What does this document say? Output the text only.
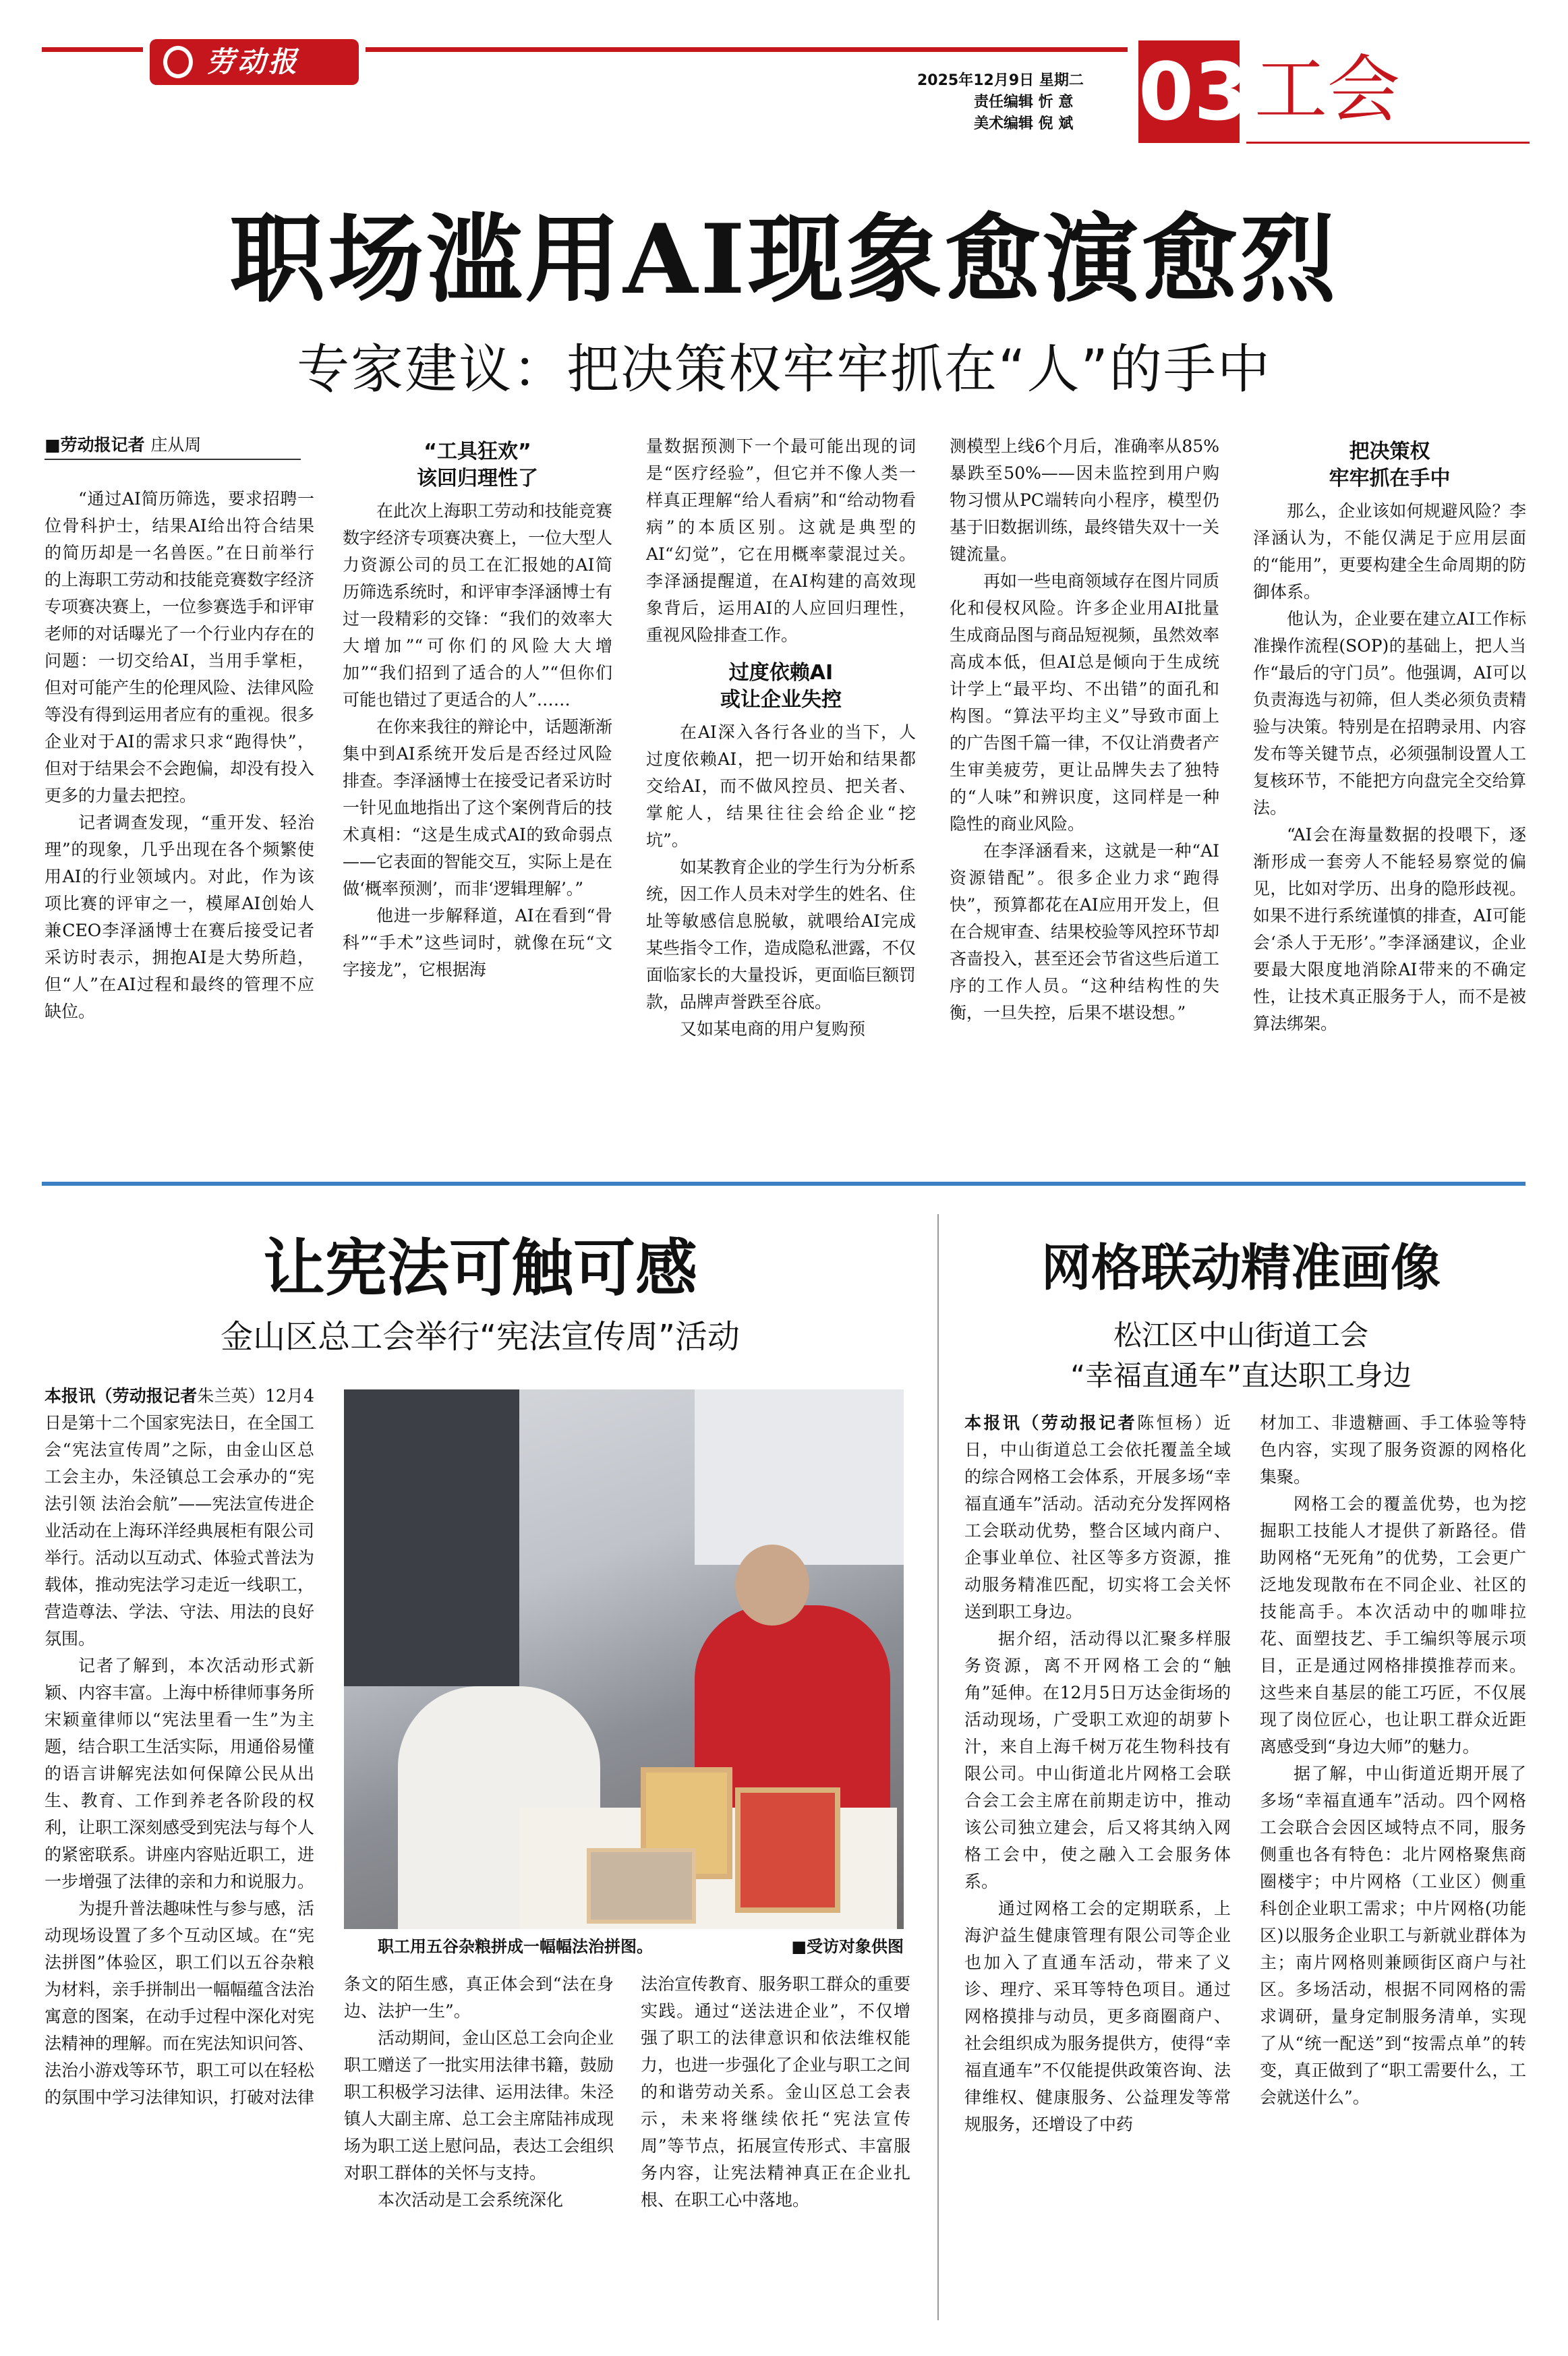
劳动报
2025年12月9日 星期二
责任编辑 忻 意
美术编辑 倪 斌 03 工会
职场滥用AI现象愈演愈烈
专家建议：把决策权牢牢抓在“人”的手中
■劳动报记者 庄从周

“通过AI简历筛选，要求招聘一位骨科护士，结果AI给出符合结果的简历却是一名兽医。”在日前举行的上海职工劳动和技能竞赛数字经济专项赛决赛上，一位参赛选手和评审老师的对话曝光了一个行业内存在的问题：一切交给AI，当用手掌柜，但对可能产生的伦理风险、法律风险等没有得到运用者应有的重视。很多企业对于AI的需求只求“跑得快”，但对于结果会不会跑偏，却没有投入更多的力量去把控。

记者调查发现，“重开发、轻治理”的现象，几乎出现在各个频繁使用AI的行业领域内。对此，作为该项比赛的评审之一，模犀AI创始人兼CEO李泽涵博士在赛后接受记者采访时表示，拥抱AI是大势所趋，但“人”在AI过程和最终的管理不应缺位。

“工具狂欢”
该回归理性了

在此次上海职工劳动和技能竞赛数字经济专项赛决赛上，一位大型人力资源公司的员工在汇报她的AI简历筛选系统时，和评审李泽涵博士有过一段精彩的交锋：“我们的效率大大增加”“可你们的风险大大增加”“我们招到了适合的人”“但你们可能也错过了更适合的人”……

在你来我往的辩论中，话题渐渐集中到AI系统开发后是否经过风险排查。李泽涵博士在接受记者采访时一针见血地指出了这个案例背后的技术真相：“这是生成式AI的致命弱点——它表面的智能交互，实际上是在做‘概率预测’，而非‘逻辑理解’。”

他进一步解释道，AI在看到“骨科”“手术”这些词时，就像在玩“文字接龙”，它根据海

量数据预测下一个最可能出现的词是“医疗经验”，但它并不像人类一样真正理解“给人看病”和“给动物看病”的本质区别。这就是典型的AI“幻觉”，它在用概率蒙混过关。李泽涵提醒道，在AI构建的高效现象背后，运用AI的人应回归理性，重视风险排查工作。

过度依赖AI
或让企业失控

在AI深入各行各业的当下，人过度依赖AI，把一切开始和结果都交给AI，而不做风控员、把关者、掌舵人，结果往往会给企业“挖坑”。

如某教育企业的学生行为分析系统，因工作人员未对学生的姓名、住址等敏感信息脱敏，就喂给AI完成某些指令工作，造成隐私泄露，不仅面临家长的大量投诉，更面临巨额罚款，品牌声誉跌至谷底。

又如某电商的用户复购预

测模型上线6个月后，准确率从85%暴跌至50%——因未监控到用户购物习惯从PC端转向小程序，模型仍基于旧数据训练，最终错失双十一关键流量。

再如一些电商领域存在图片同质化和侵权风险。许多企业用AI批量生成商品图与商品短视频，虽然效率高成本低，但AI总是倾向于生成统计学上“最平均、不出错”的面孔和构图。“算法平均主义”导致市面上的广告图千篇一律，不仅让消费者产生审美疲劳，更让品牌失去了独特的“人味”和辨识度，这同样是一种隐性的商业风险。

在李泽涵看来，这就是一种“AI资源错配”。很多企业力求“跑得快”，预算都花在AI应用开发上，但在合规审查、结果校验等风控环节却吝啬投入，甚至还会节省这些后道工序的工作人员。“这种结构性的失衡，一旦失控，后果不堪设想。”

把决策权
牢牢抓在手中

那么，企业该如何规避风险？李泽涵认为，不能仅满足于应用层面的“能用”，更要构建全生命周期的防御体系。

他认为，企业要在建立AI工作标准操作流程(SOP)的基础上，把人当作“最后的守门员”。他强调，AI可以负责海选与初筛，但人类必须负责精验与决策。特别是在招聘录用、内容发布等关键节点，必须强制设置人工复核环节，不能把方向盘完全交给算法。

“AI会在海量数据的投喂下，逐渐形成一套旁人不能轻易察觉的偏见，比如对学历、出身的隐形歧视。如果不进行系统谨慎的排查，AI可能会‘杀人于无形’。”李泽涵建议，企业要最大限度地消除AI带来的不确定性，让技术真正服务于人，而不是被算法绑架。

让宪法可触可感
金山区总工会举行“宪法宣传周”活动

本报讯（劳动报记者朱兰英）12月4日是第十二个国家宪法日，在全国工会“宪法宣传周”之际，由金山区总工会主办，朱泾镇总工会承办的“宪法引领 法治会航”——宪法宣传进企业活动在上海环洋经典展柜有限公司举行。活动以互动式、体验式普法为载体，推动宪法学习走近一线职工，营造尊法、学法、守法、用法的良好氛围。

记者了解到，本次活动形式新颖、内容丰富。上海中桥律师事务所宋颖童律师以“宪法里看一生”为主题，结合职工生活实际，用通俗易懂的语言讲解宪法如何保障公民从出生、教育、工作到养老各阶段的权利，让职工深刻感受到宪法与每个人的紧密联系。讲座内容贴近职工，进一步增强了法律的亲和力和说服力。

为提升普法趣味性与参与感，活动现场设置了多个互动区域。在“宪法拼图”体验区，职工们以五谷杂粮为材料，亲手拼制出一幅幅蕴含法治寓意的图案，在动手过程中深化对宪法精神的理解。而在宪法知识问答、法治小游戏等环节，职工可以在轻松的氛围中学习法律知识，打破对法律

职工用五谷杂粮拼成一幅幅法治拼图。	■受访对象供图

条文的陌生感，真正体会到“法在身边、法护一生”。

活动期间，金山区总工会向企业职工赠送了一批实用法律书籍，鼓励职工积极学习法律、运用法律。朱泾镇人大副主席、总工会主席陆祎成现场为职工送上慰问品，表达工会组织对职工群体的关怀与支持。

本次活动是工会系统深化

法治宣传教育、服务职工群众的重要实践。通过“送法进企业”，不仅增强了职工的法律意识和依法维权能力，也进一步强化了企业与职工之间的和谐劳动关系。金山区总工会表示，未来将继续依托“宪法宣传周”等节点，拓展宣传形式、丰富服务内容，让宪法精神真正在企业扎根、在职工心中落地。

网格联动精准画像
松江区中山街道工会
“幸福直通车”直达职工身边

本报讯（劳动报记者陈恒杨）近日，中山街道总工会依托覆盖全域的综合网格工会体系，开展多场“幸福直通车”活动。活动充分发挥网格工会联动优势，整合区域内商户、企事业单位、社区等多方资源，推动服务精准匹配，切实将工会关怀送到职工身边。

据介绍，活动得以汇聚多样服务资源，离不开网格工会的“触角”延伸。在12月5日万达金街场的活动现场，广受职工欢迎的胡萝卜汁，来自上海千树万花生物科技有限公司。中山街道北片网格工会联合会工会主席在前期走访中，推动该公司独立建会，后又将其纳入网格工会中，使之融入工会服务体系。

通过网格工会的定期联系，上海沪益生健康管理有限公司等企业也加入了直通车活动，带来了义诊、理疗、采耳等特色项目。通过网格摸排与动员，更多商圈商户、社会组织成为服务提供方，使得“幸福直通车”不仅能提供政策咨询、法律维权、健康服务、公益理发等常规服务，还增设了中药

材加工、非遗糖画、手工体验等特色内容，实现了服务资源的网格化集聚。

网格工会的覆盖优势，也为挖掘职工技能人才提供了新路径。借助网格“无死角”的优势，工会更广泛地发现散布在不同企业、社区的技能高手。本次活动中的咖啡拉花、面塑技艺、手工编织等展示项目，正是通过网格排摸推荐而来。这些来自基层的能工巧匠，不仅展现了岗位匠心，也让职工群众近距离感受到“身边大师”的魅力。

据了解，中山街道近期开展了多场“幸福直通车”活动。四个网格工会联合会因区域特点不同，服务侧重也各有特色：北片网格聚焦商圈楼宇；中片网格（工业区）侧重科创企业职工需求；中片网格(功能区)以服务企业职工与新就业群体为主；南片网格则兼顾街区商户与社区。多场活动，根据不同网格的需求调研，量身定制服务清单，实现了从“统一配送”到“按需点单”的转变，真正做到了“职工需要什么，工会就送什么”。
